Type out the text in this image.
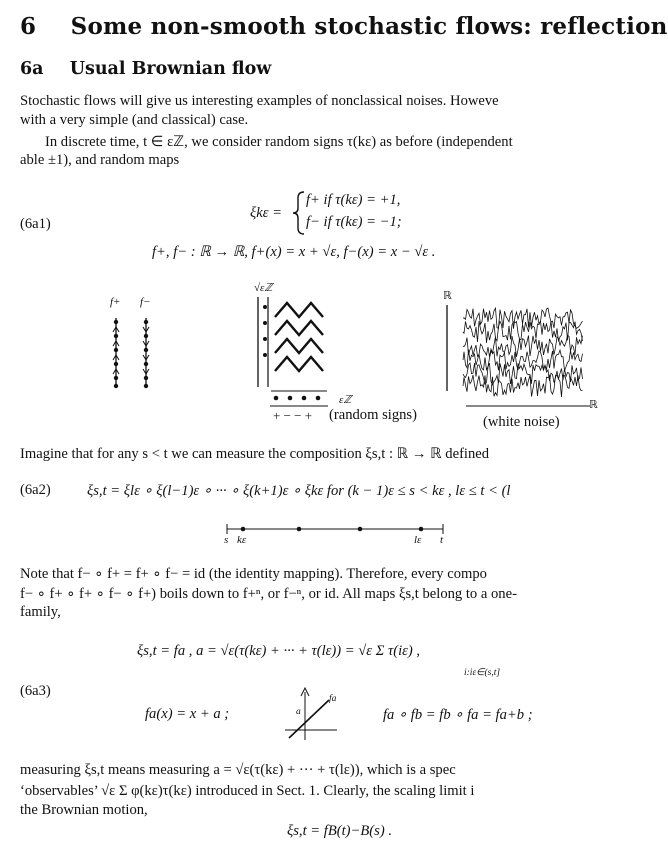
6 Some non-smooth stochastic flows: reflection
6a Usual Brownian flow
Stochastic flows will give us interesting examples of nonclassical noises. Howeve
with a very simple (and classical) case.
In discrete time, t ∈ εℤ, we consider random signs τ(kε) as before (independent
able ±1), and random maps
(6a1)
ξkε =
f+ if τ(kε) = +1,
f− if τ(kε) = −1;
f+, f− : ℝ → ℝ, f+(x) = x + √ε, f−(x) = x − √ε .
f+ f−
√εℤ
εℤ
+ − − + (random signs)
ℝ
ℝ
(white noise)
Imagine that for any s < t we can measure the composition ξs,t : ℝ → ℝ defined
(6a2) ξs,t = ξlε ∘ ξ(l−1)ε ∘ ··· ∘ ξ(k+1)ε ∘ ξkε for (k − 1)ε ≤ s < kε , lε ≤ t < (l
s kε	lε t
Note that f− ∘ f+ = f+ ∘ f− = id (the identity mapping). Therefore, every compo
f− ∘ f+ ∘ f+ ∘ f− ∘ f+) boils down to f+ⁿ, or f−ⁿ, or id. All maps ξs,t belong to a one-
family,
ξs,t = fa , a = √ε(τ(kε) + ··· + τ(lε)) = √ε Σ τ(iε) ,
i:iε∈(s,t]
(6a3)
fa(x) = x + a ;
fa
a	fa ∘ fb = fb ∘ fa = fa+b ;
measuring ξs,t means measuring a = √ε(τ(kε) + ··· + τ(lε)), which is a spec
‘observables’ √ε Σ φ(kε)τ(kε) introduced in Sect. 1. Clearly, the scaling limit i
the Brownian motion,
ξs,t = fB(t)−B(s) .
